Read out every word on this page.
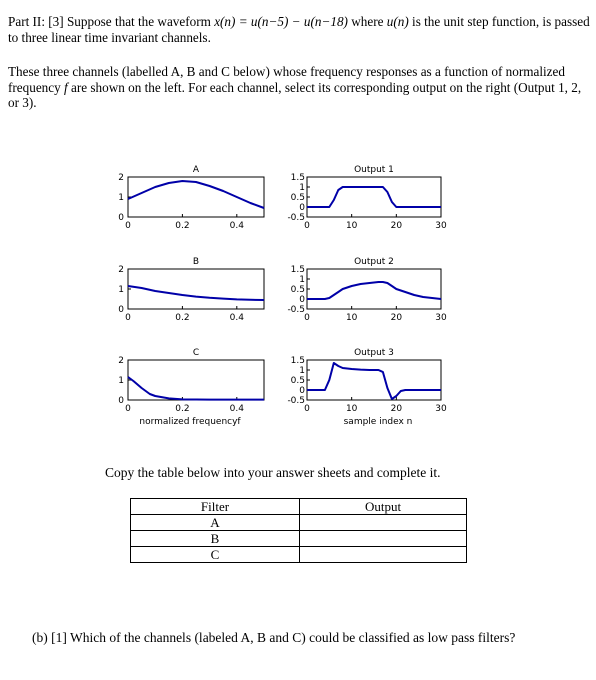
Part II: [3] Suppose that the waveform x(n) = u(n−5) − u(n−18) where u(n) is the unit step function, is passed to three linear time invariant channels.
These three channels (labelled A, B and C below) whose frequency responses as a function of normalized frequency f are shown on the left. For each channel, select its corresponding output on the right (Output 1, 2, or 3).
A
2
1
0
0	0.2	0.4
B
2
1
0
0	0.2	0.4
C
2
1
0
0	0.2	0.4
normalized frequencyf
Output 1
1.5
1
0.5
0
-0.5
0	10	20	30
Output 2
1.5
1
0.5
0
-0.5
0	10	20	30
Output 3
1.5
1
0.5
0
-0.5
0	10	20	30
sample index n
Copy the table below into your answer sheets and complete it.
Filter	Output
A	
B	
C	
(b) [1] Which of the channels (labeled A, B and C) could be classified as low pass filters?
